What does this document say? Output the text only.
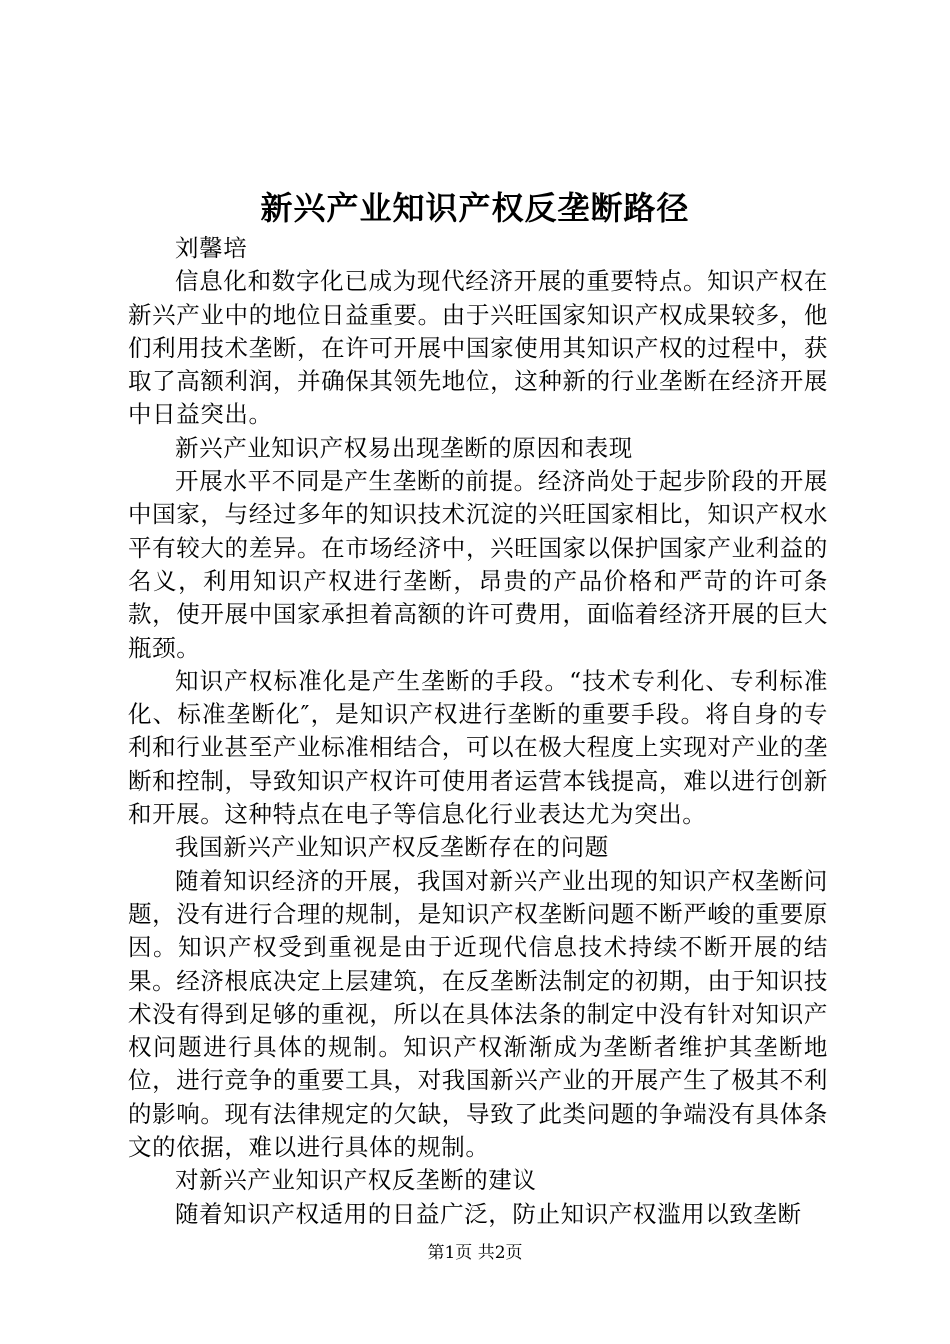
新兴产业知识产权反垄断路径

刘馨培

信息化和数字化已成为现代经济开展的重要特点。知识产权在新兴产业中的地位日益重要。由于兴旺国家知识产权成果较多，他们利用技术垄断，在许可开展中国家使用其知识产权的过程中，获取了高额利润，并确保其领先地位，这种新的行业垄断在经济开展中日益突出。

新兴产业知识产权易出现垄断的原因和表现

开展水平不同是产生垄断的前提。经济尚处于起步阶段的开展中国家，与经过多年的知识技术沉淀的兴旺国家相比，知识产权水平有较大的差异。在市场经济中，兴旺国家以保护国家产业利益的名义，利用知识产权进行垄断，昂贵的产品价格和严苛的许可条款，使开展中国家承担着高额的许可费用，面临着经济开展的巨大瓶颈。

知识产权标准化是产生垄断的手段。“技术专利化、专利标准化、标准垄断化″，是知识产权进行垄断的重要手段。将自身的专利和行业甚至产业标准相结合，可以在极大程度上实现对产业的垄断和控制，导致知识产权许可使用者运营本钱提高，难以进行创新和开展。这种特点在电子等信息化行业表达尤为突出。

我国新兴产业知识产权反垄断存在的问题

随着知识经济的开展，我国对新兴产业出现的知识产权垄断问题，没有进行合理的规制，是知识产权垄断问题不断严峻的重要原因。知识产权受到重视是由于近现代信息技术持续不断开展的结果。经济根底决定上层建筑，在反垄断法制定的初期，由于知识技术没有得到足够的重视，所以在具体法条的制定中没有针对知识产权问题进行具体的规制。知识产权渐渐成为垄断者维护其垄断地位，进行竞争的重要工具，对我国新兴产业的开展产生了极其不利的影响。现有法律规定的欠缺，导致了此类问题的争端没有具体条文的依据，难以进行具体的规制。

对新兴产业知识产权反垄断的建议

随着知识产权适用的日益广泛，防止知识产权滥用以致垄断

第1页 共2页
